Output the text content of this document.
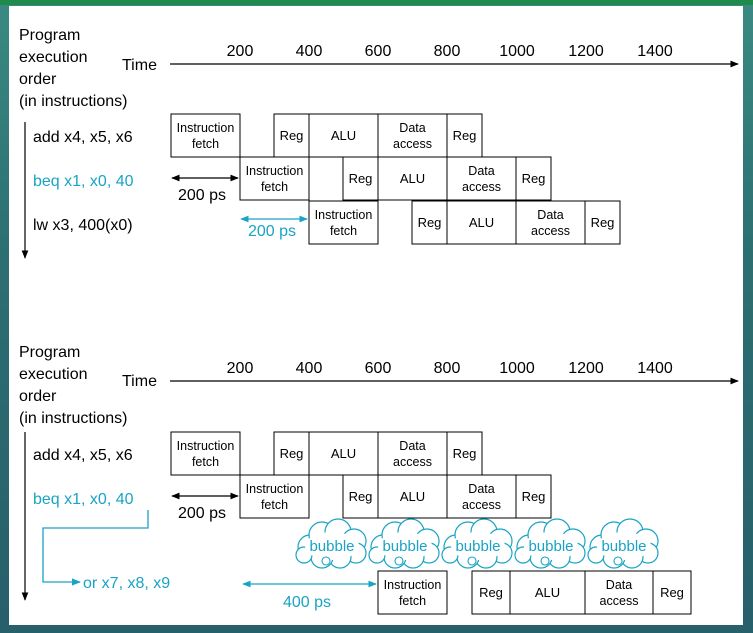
Program
execution
order
(in instructions)
Time
200	400	600	800 1000 1200 1400
add x4, x5, x6
beq x1, x0, 40
lw x3, 400(x0)
Instruction
fetch
Reg ALU	Data
access
Reg
Instruction
fetch
Reg ALU	Data
access
Reg
Instruction
fetch
Reg ALU	Data
access
Reg
200 ps
200 ps
Program
execution
order
(in instructions)
Time
200	400	600	800 1000 1200 1400
add x4, x5, x6
beq x1, x0, 40
or x7, x8, x9
Instruction
fetch
Reg ALU	Data
access
Reg
Instruction
fetch
Reg ALU	Data
access
Reg
bubble bubble bubble bubble bubble
Instruction
fetch
Reg ALU	Data
access
Reg
200 ps
400 ps
